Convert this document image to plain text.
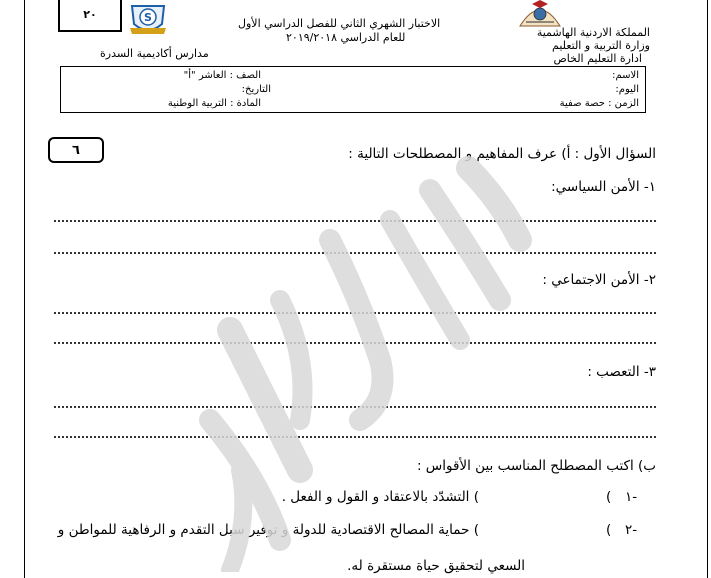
٢٠	S
مدارس أكاديمية السدرة
الاختبار الشهري الثاني للفصل الدراسي الأول
للعام الدراسي ٢٠١٩/٢٠١٨	المملكة الاردنية الهاشمية
وزارة التربية و التعليم
ادارة التعليم الخاص
الاسم:
اليوم:
الزمن : حصة صفية
الصف : العاشر "أ"
التاريخ:
المادة : التربية الوطنية
٦	السؤال الأول : أ) عرف المفاهيم و المصطلحات التالية :
١- الأمن السياسي:
٢- الأمن الاجتماعي :
٣- التعصب :
ب) اكتب المصطلح المناسب بين الأقواس :
١-
(
) التشدّد بالاعتقاد و القول و الفعل .
٢-
(
) حماية المصالح الاقتصادية للدولة و توفير سبل التقدم و الرفاهية للمواطن و
السعي لتحقيق حياة مستقرة له.
